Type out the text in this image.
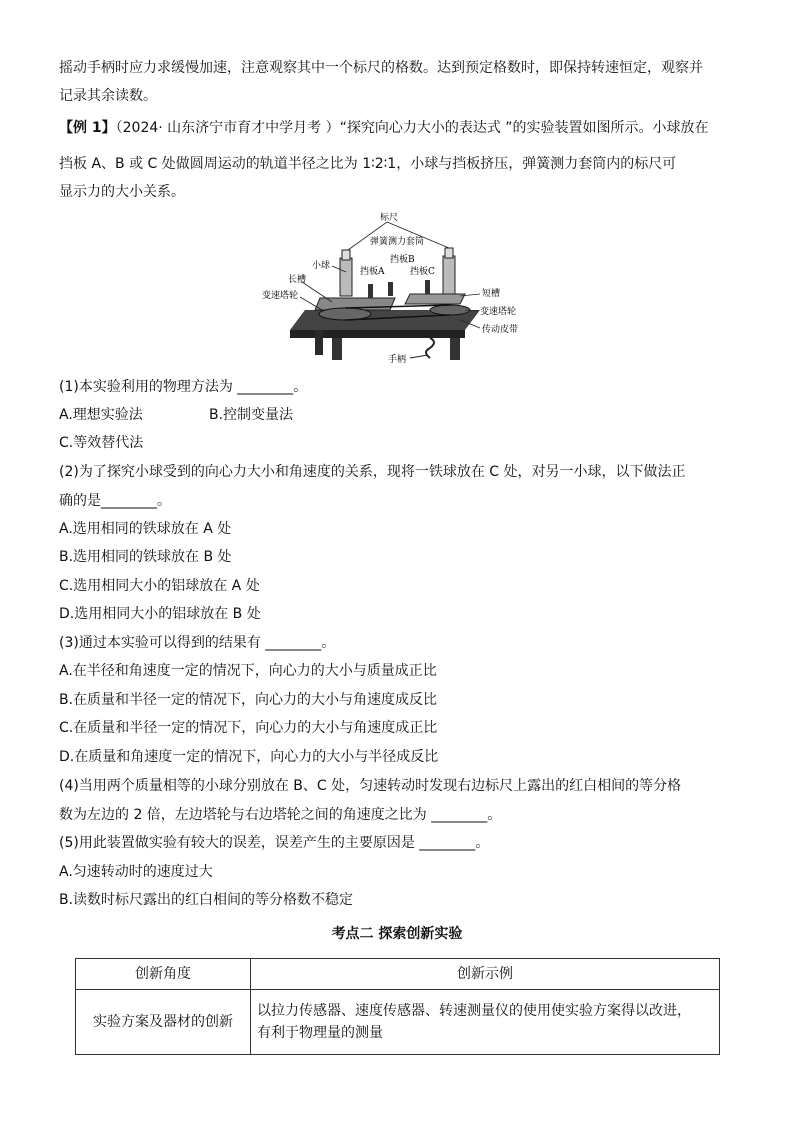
摇动手柄时应力求缓慢加速，注意观察其中一个标尺的格数。达到预定格数时，即保持转速恒定，观察并
记录其余读数。
【例 1】（2024· 山东济宁市育才中学月考 ）“探究向心力大小的表达式 ”的实验装置如图所示。小球放在
挡板 A、B 或 C 处做圆周运动的轨道半径之比为 1∶2∶1，小球与挡板挤压，弹簧测力套筒内的标尺可
显示力的大小关系。
标尺
弹簧测力套筒
小球
挡板B
挡板A	挡板C
长槽
变速塔轮	短槽
变速塔轮
传动皮带
手柄
(1)本实验利用的物理方法为 ________。
A.理想实验法	B.控制变量法
C.等效替代法
(2)为了探究小球受到的向心力大小和角速度的关系，现将一铁球放在 C 处，对另一小球，以下做法正
确的是________。
A.选用相同的铁球放在 A 处
B.选用相同的铁球放在 B 处
C.选用相同大小的铝球放在 A 处
D.选用相同大小的铝球放在 B 处
(3)通过本实验可以得到的结果有 ________。
A.在半径和角速度一定的情况下，向心力的大小与质量成正比
B.在质量和半径一定的情况下，向心力的大小与角速度成反比
C.在质量和半径一定的情况下，向心力的大小与角速度成正比
D.在质量和角速度一定的情况下，向心力的大小与半径成反比
(4)当用两个质量相等的小球分别放在 B、C 处，匀速转动时发现右边标尺上露出的红白相间的等分格
数为左边的 2 倍，左边塔轮与右边塔轮之间的角速度之比为 ________。
(5)用此装置做实验有较大的误差，误差产生的主要原因是 ________。
A.匀速转动时的速度过大
B.读数时标尺露出的红白相间的等分格数不稳定
考点二 探索创新实验
创新角度	创新示例
实验方案及器材的创新	以拉力传感器、速度传感器、转速测量仪的使用使实验方案得以改进，
有利于物理量的测量
